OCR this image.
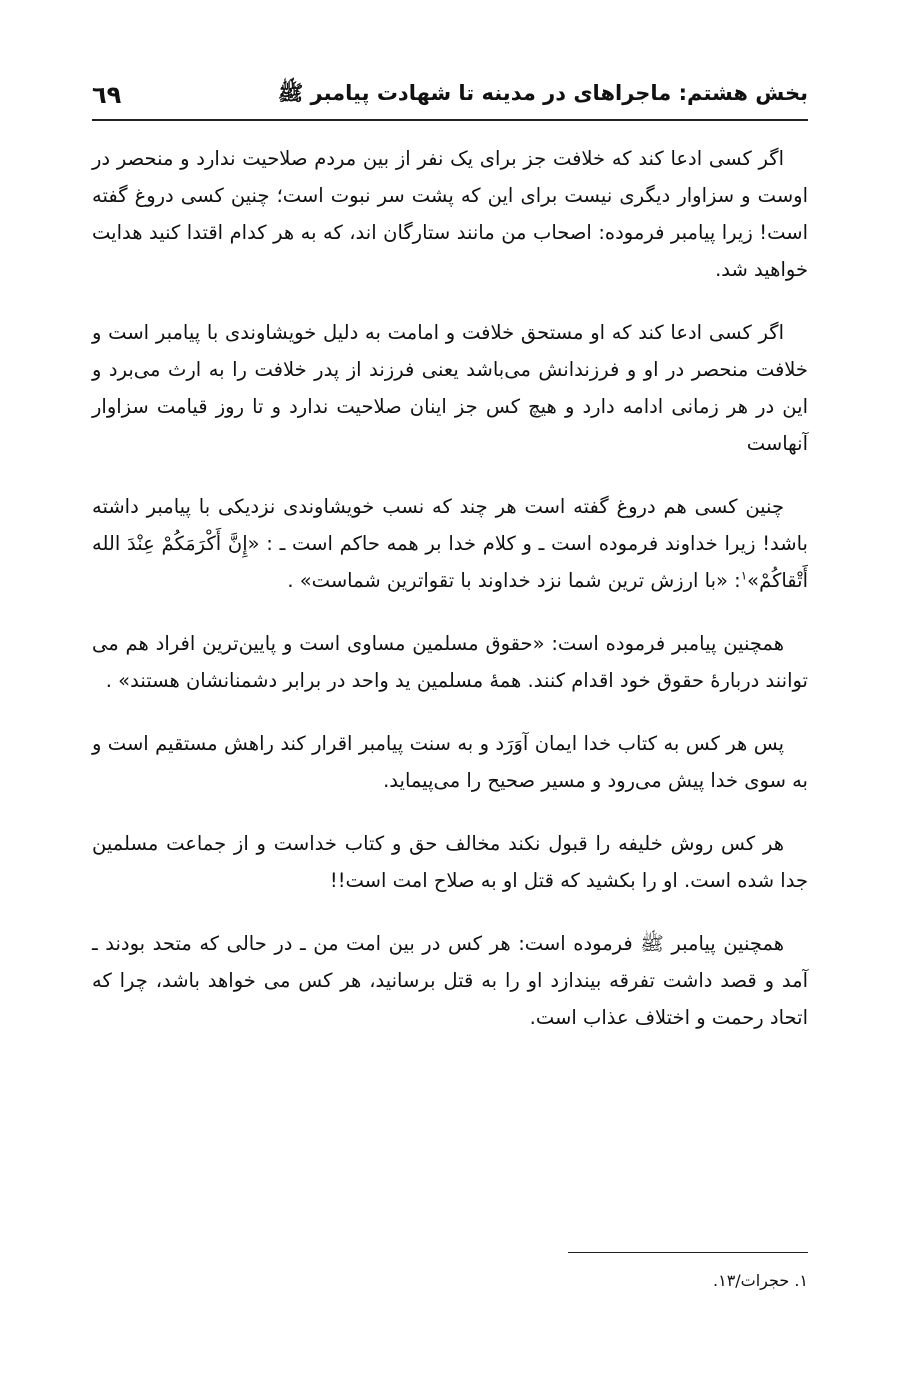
بخش هشتم: ماجراهای در مدینه تا شهادت پیامبر ﷺ
٦٩

اگر کسی ادعا کند که خلافت جز برای یک نفر از بین مردم صلاحیت ندارد و منحصر در اوست و سزاوار دیگری نیست برای این که پشت سر نبوت است؛ چنین کسی دروغ گفته است! زیرا پیامبر فرموده: اصحاب من مانند ستارگان اند، که به هر کدام اقتدا کنید هدایت خواهید شد.

اگر کسی ادعا کند که او مستحق خلافت و امامت به دلیل خویشاوندی با پیامبر است و خلافت منحصر در او و فرزندانش می‌باشد یعنی فرزند از پدر خلافت را به ارث می‌برد و این در هر زمانی ادامه دارد و هیچ کس جز اینان صلاحیت ندارد و تا روز قیامت سزاوار آنهاست

چنین کسی هم دروغ گفته است هر چند که نسب خویشاوندی نزدیکی با پیامبر داشته باشد! زیرا خداوند فرموده است ـ و کلام خدا بر همه حاکم است ـ : «إِنَّ أَكْرَمَكُمْ عِنْدَ الله أَتْقاكُمْ»$^١$: «با ارزش ترین شما نزد خداوند با تقواترین شماست» .

همچنین پیامبر فرموده است: «حقوق مسلمین مساوی است و پایین‌ترین افراد هم می توانند دربارهٔ حقوق خود اقدام کنند. همهٔ مسلمین ید واحد در برابر دشمنانشان هستند» .

پس هر کس به کتاب خدا ایمان آوَرَد و به سنت پیامبر اقرار کند راهش مستقیم است و به سوی خدا پیش می‌رود و مسیر صحیح را می‌پیماید.

هر کس روش خلیفه را قبول نکند مخالف حق و کتاب خداست و از جماعت مسلمین جدا شده است. او را بکشید که قتل او به صلاح امت است!!

همچنین پیامبر ﷺ فرموده است: هر کس در بین امت من ـ در حالی که متحد بودند ـ آمد و قصد داشت تفرقه بیندازد او را به قتل برسانید، هر کس می خواهد باشد، چرا که اتحاد رحمت و اختلاف عذاب است.

١. حجرات/١٣.
